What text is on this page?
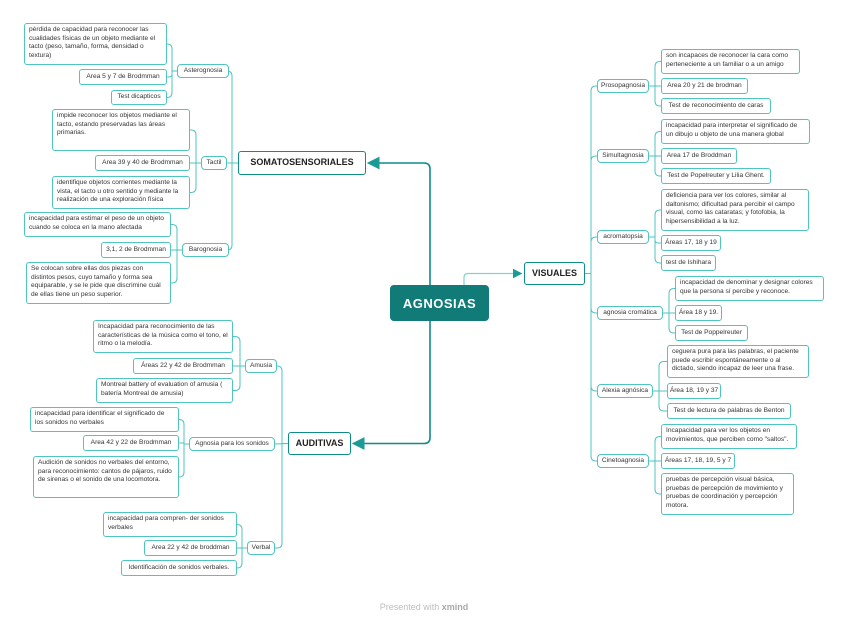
AGNOSIAS
SOMATOSENSORIALES
Asterognosia
pérdida de capacidad para reconocer las cualidades físicas de un objeto mediante el tacto (peso, tamaño, forma, densidad o textura)
Area 5 y 7 de Brodmman
Test dicapticos
Tactil
impide reconocer los objetos mediante el tacto, estando preservadas las áreas primarias.
Area 39 y 40 de Brodmman
identifique objetos corrientes mediante la vista, el tacto u otro sentido y mediante la realización de una exploración física
Barognosia
incapacidad para estimar el peso de un objeto cuando se coloca en la mano afectada
3,1, 2 de Brodmman
Se colocan sobre ellas dos piezas con distintos pesos, cuyo tamaño y forma sea equiparable, y se le pide que discrimine cuál de ellas tiene un peso superior.
AUDITIVAS
Amusia
Incapacidad para reconocimiento de las características de la música como el tono, el ritmo o la melodía.
Áreas 22 y 42 de Brodmman
Montreal battery of evaluation of amusia ( batería Montreal de amusia)
Agnosia para los sonidos
incapacidad para identificar el significado de los sonidos no verbales
Area 42 y 22 de Brodmman
Audición de sonidos no verbales del entorno, para reconocimiento: cantos de pájaros, ruido de sirenas o el sonido de una locomotora.
Verbal
incapacidad para compren- der sonidos verbales
Area 22 y 42 de broddman
Identificación de sonidos verbales.
VISUALES
Prosopagnosia
son incapaces de reconocer la cara como perteneciente a un familiar o a un amigo
Area 20 y 21 de brodman
Test de reconocimiento de caras
Simultagnosia
incapacidad para interpretar el significado de un dibujo u objeto de una manera global
Area 17 de Broddman
Test de Popelreuter y Lilia Ghent.
acromatopsia
deficiencia para ver los colores, similar al daltonismo; dificultad para percibir el campo visual, como las cataratas; y fotofobia, la hipersensibilidad a la luz.
Áreas 17, 18 y 19
test de Ishihara
agnosia cromática
incapacidad de denominar y designar colores que la persona sí percibe y reconoce.
Área 18 y 19.
Test de Poppelreuter
Alexia agnósica
ceguera pura para las palabras, el paciente puede escribir espontáneamente o al dictado, siendo incapaz de leer una frase.
Área 18, 19 y 37
Test de lectura de palabras de Benton
Cinetoagnosia
Incapacidad para ver los objetos en movimientos, que perciben como "saltos".
Áreas 17, 18, 19, 5 y 7
pruebas de percepción visual básica, pruebas de percepción de movimiento y pruebas de coordinación y percepción motora.
Presented with xmind
